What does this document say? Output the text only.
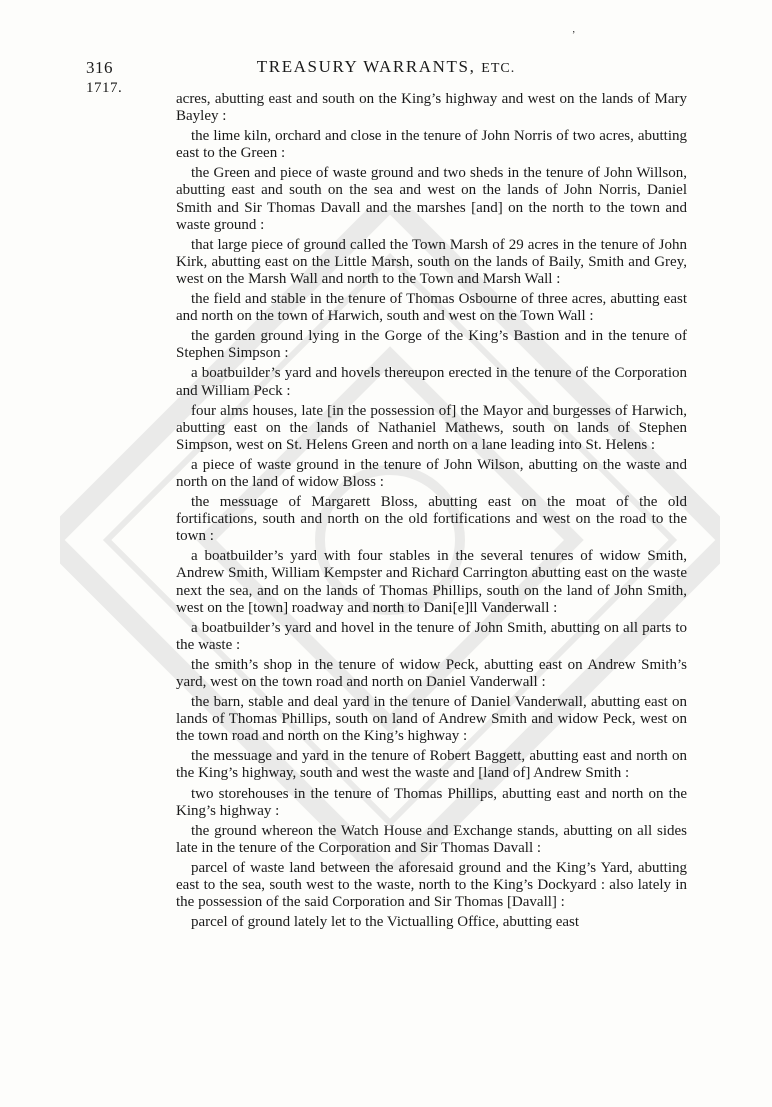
ʼ
316	TREASURY WARRANTS, ETC.
1717.

acres, abutting east and south on the King’s highway and west on the lands of Mary Bayley :

the lime kiln, orchard and close in the tenure of John Norris of two acres, abutting east to the Green :

the Green and piece of waste ground and two sheds in the tenure of John Willson, abutting east and south on the sea and west on the lands of John Norris, Daniel Smith and Sir Thomas Davall and the marshes [and] on the north to the town and waste ground :

that large piece of ground called the Town Marsh of 29 acres in the tenure of John Kirk, abutting east on the Little Marsh, south on the lands of Baily, Smith and Grey, west on the Marsh Wall and north to the Town and Marsh Wall :

the field and stable in the tenure of Thomas Osbourne of three acres, abutting east and north on the town of Harwich, south and west on the Town Wall :

the garden ground lying in the Gorge of the King’s Bastion and in the tenure of Stephen Simpson :

a boatbuilder’s yard and hovels thereupon erected in the tenure of the Corporation and William Peck :

four alms houses, late [in the possession of] the Mayor and burgesses of Harwich, abutting east on the lands of Nathaniel Mathews, south on lands of Stephen Simpson, west on St. Helens Green and north on a lane leading into St. Helens :

a piece of waste ground in the tenure of John Wilson, abutting on the waste and north on the land of widow Bloss :

the messuage of Margarett Bloss, abutting east on the moat of the old fortifications, south and north on the old fortifications and west on the road to the town :

a boatbuilder’s yard with four stables in the several tenures of widow Smith, Andrew Smith, William Kempster and Richard Carrington abutting east on the waste next the sea, and on the lands of Thomas Phillips, south on the land of John Smith, west on the [town] roadway and north to Dani[e]ll Vanderwall :

a boatbuilder’s yard and hovel in the tenure of John Smith, abutting on all parts to the waste :

the smith’s shop in the tenure of widow Peck, abutting east on Andrew Smith’s yard, west on the town road and north on Daniel Vanderwall :

the barn, stable and deal yard in the tenure of Daniel Vanderwall, abutting east on lands of Thomas Phillips, south on land of Andrew Smith and widow Peck, west on the town road and north on the King’s highway :

the messuage and yard in the tenure of Robert Baggett, abutting east and north on the King’s highway, south and west the waste and [land of] Andrew Smith :

two storehouses in the tenure of Thomas Phillips, abutting east and north on the King’s highway :

the ground whereon the Watch House and Exchange stands, abutting on all sides late in the tenure of the Corporation and Sir Thomas Davall :

parcel of waste land between the aforesaid ground and the King’s Yard, abutting east to the sea, south west to the waste, north to the King’s Dockyard : also lately in the possession of the said Corporation and Sir Thomas [Davall] :

parcel of ground lately let to the Victualling Office, abutting east
